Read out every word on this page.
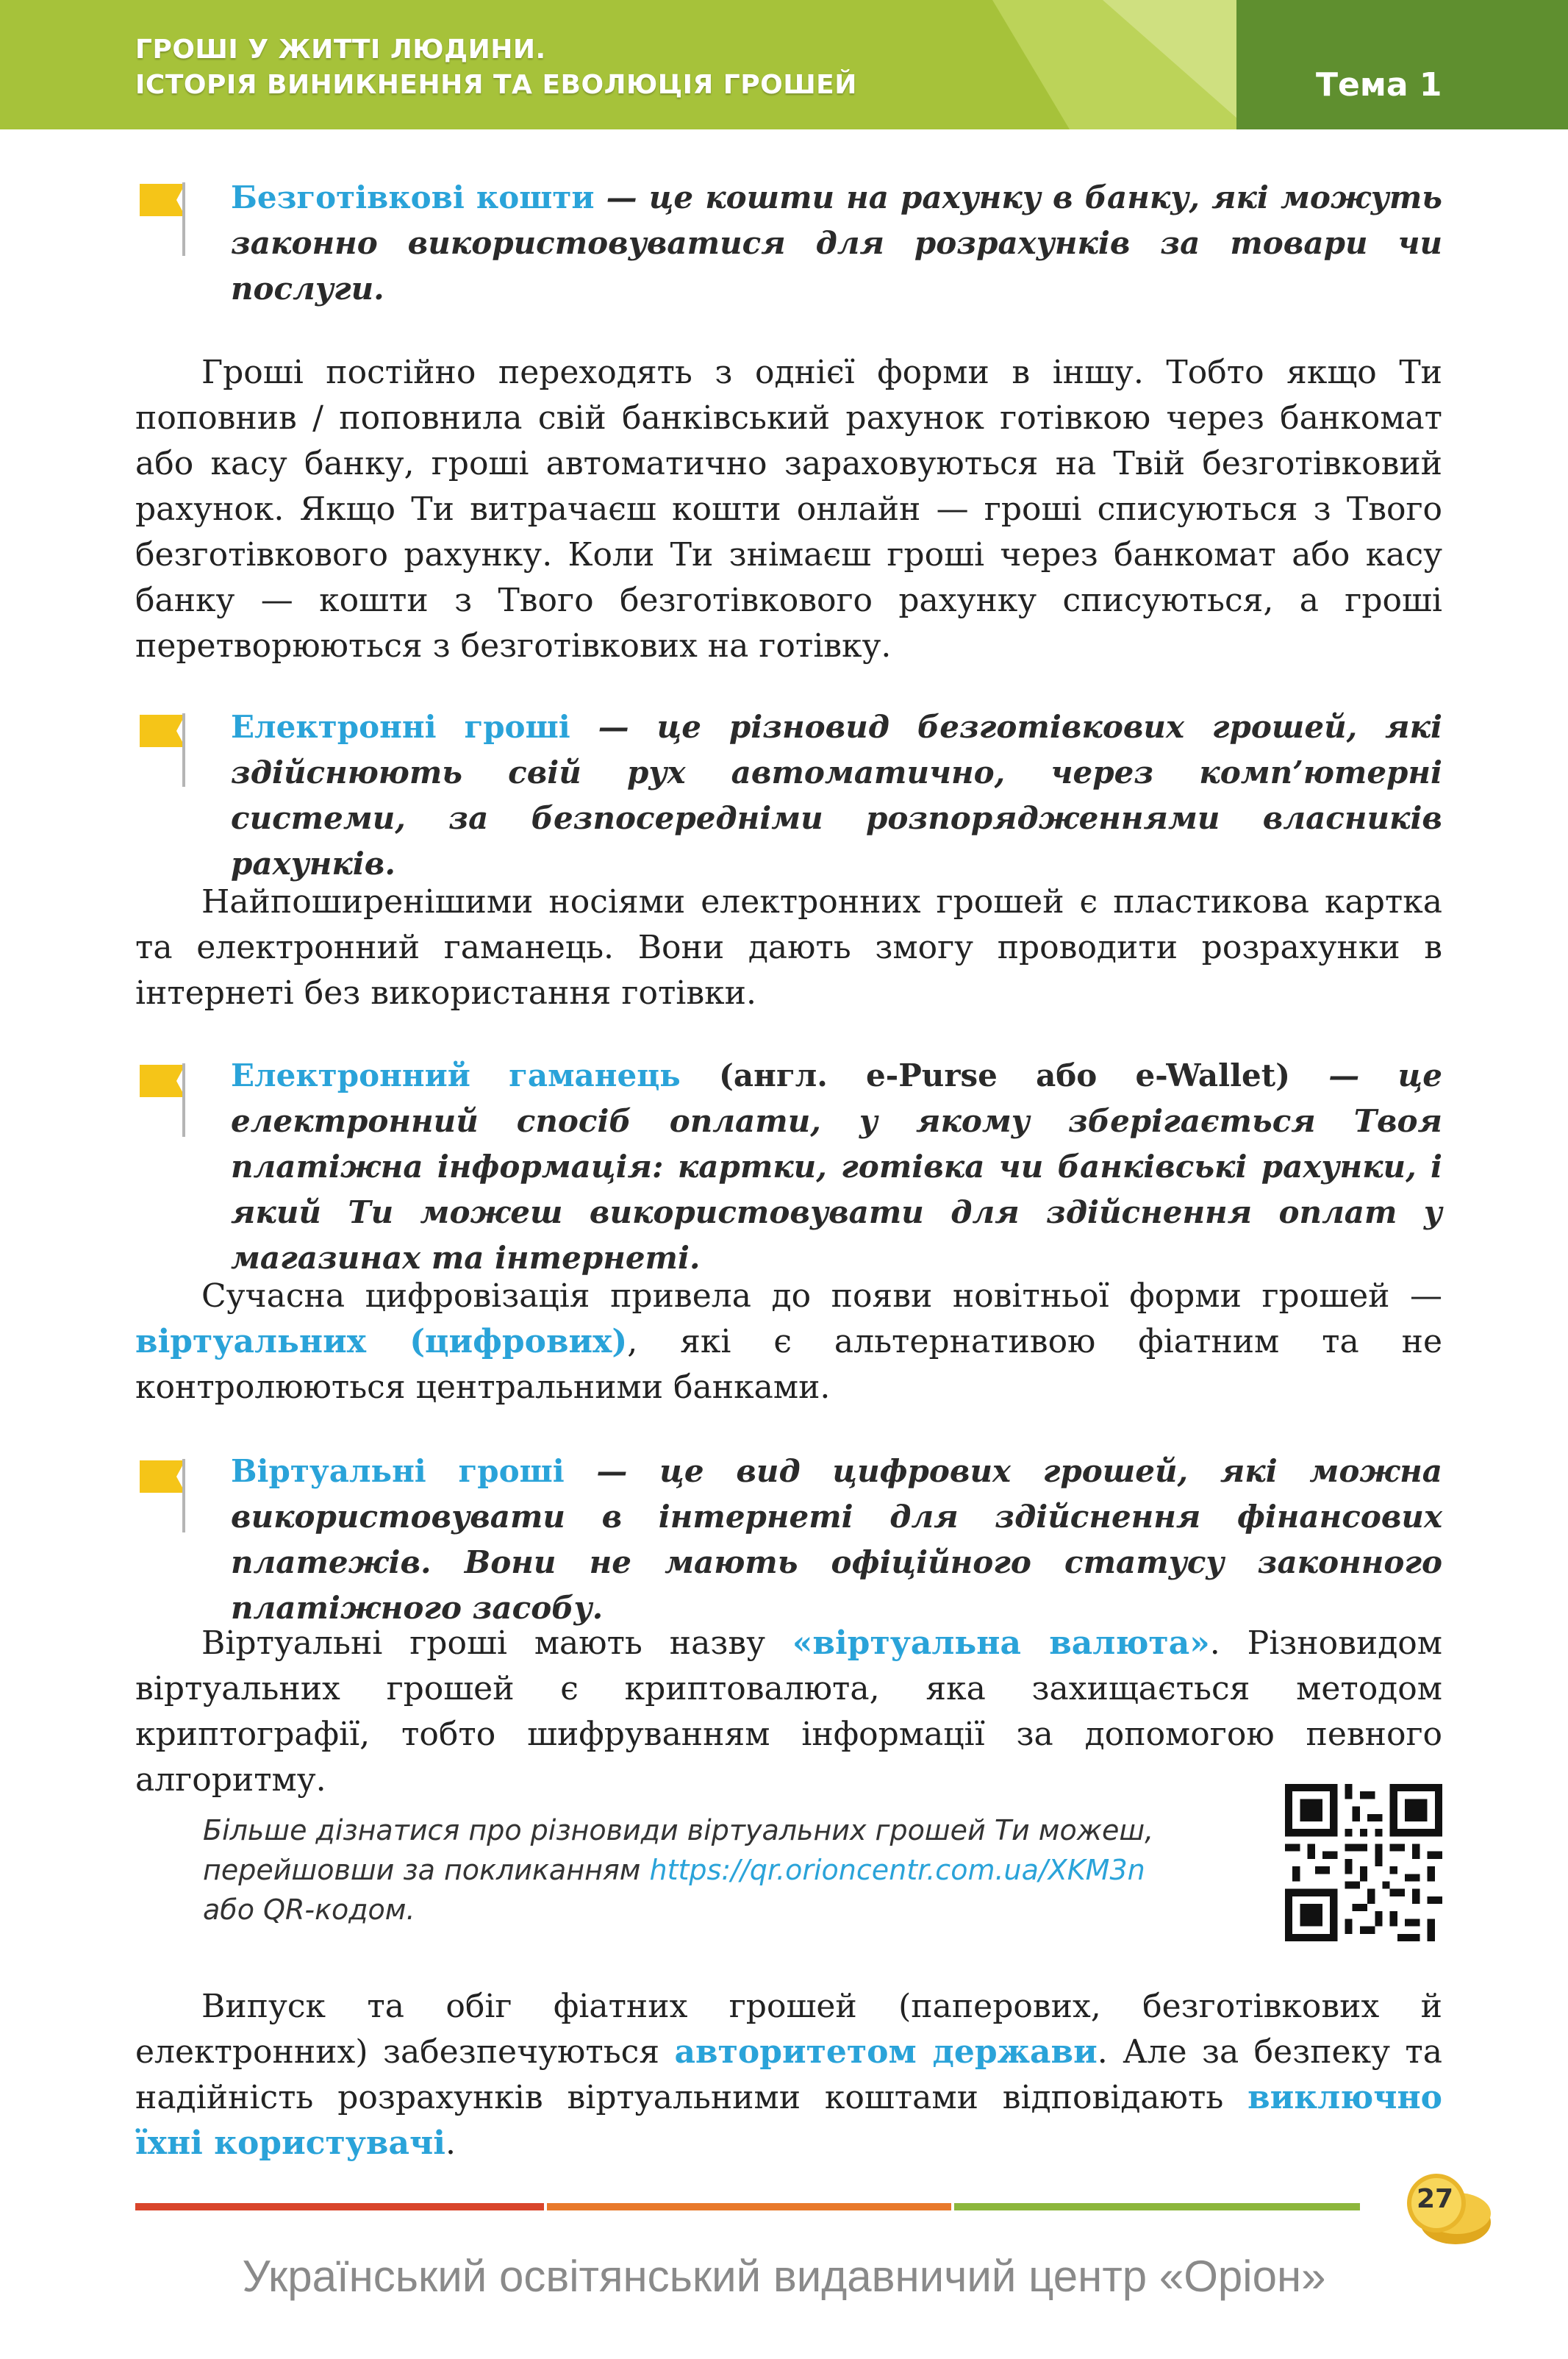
ГРОШІ У ЖИТТІ ЛЮДИНИ.
ІСТОРІЯ ВИНИКНЕННЯ ТА ЕВОЛЮЦІЯ ГРОШЕЙ	Тема 1
Безготівкові кошти — це кошти на рахунку в банку, які можуть законно використовуватися для розрахунків за товари чи послуги.
Гроші постійно переходять з однієї форми в іншу. Тобто якщо Ти поповнив / поповнила свій банківський рахунок готівкою через банкомат або касу банку, гроші автоматично зараховуються на Твій безготівковий рахунок. Якщо Ти витрачаєш кошти онлайн — гроші списуються з Твого безготівкового рахунку. Коли Ти знімаєш гроші через банкомат або касу банку — кошти з Твого безготівкового рахунку списуються, а гроші перетворюються з безготівкових на готівку.
Електронні гроші — це різновид безготівкових грошей, які здійснюють свій рух автоматично, через комп’ютерні системи, за безпосередніми розпорядженнями власників рахунків.
Найпоширенішими носіями електронних грошей є пластикова картка та електронний гаманець. Вони дають змогу проводити розрахунки в інтернеті без використання готівки.
Електронний гаманець (англ. e-Purse або e-Wallet) — це електронний спосіб оплати, у якому зберігається Твоя платіжна інформація: картки, готівка чи банківські рахунки, і який Ти можеш використовувати для здійснення оплат у магазинах та інтернеті.
Сучасна цифровізація привела до появи новітньої форми грошей — віртуальних (цифрових), які є альтернативою фіатним та не контролюються центральними банками.
Віртуальні гроші — це вид цифрових грошей, які можна використовувати в інтернеті для здійснення фінансових платежів. Вони не мають офіційного статусу законного платіжного засобу.
Віртуальні гроші мають назву «віртуальна валюта». Різновидом віртуальних грошей є криптовалюта, яка захищається методом криптографії, тобто шифруванням інформації за допомогою певного алгоритму.
Більше дізнатися про різновиди віртуальних грошей Ти можеш,
перейшовши за покликанням https://qr.orioncentr.com.ua/XKM3n
або QR-кодом.
Випуск та обіг фіатних грошей (паперових, безготівкових й електронних) забезпечуються авторитетом держави. Але за безпеку та надійність розрахунків віртуальними коштами відповідають виключно їхні користувачі.
27
Український освітянський видавничий центр «Оріон»
